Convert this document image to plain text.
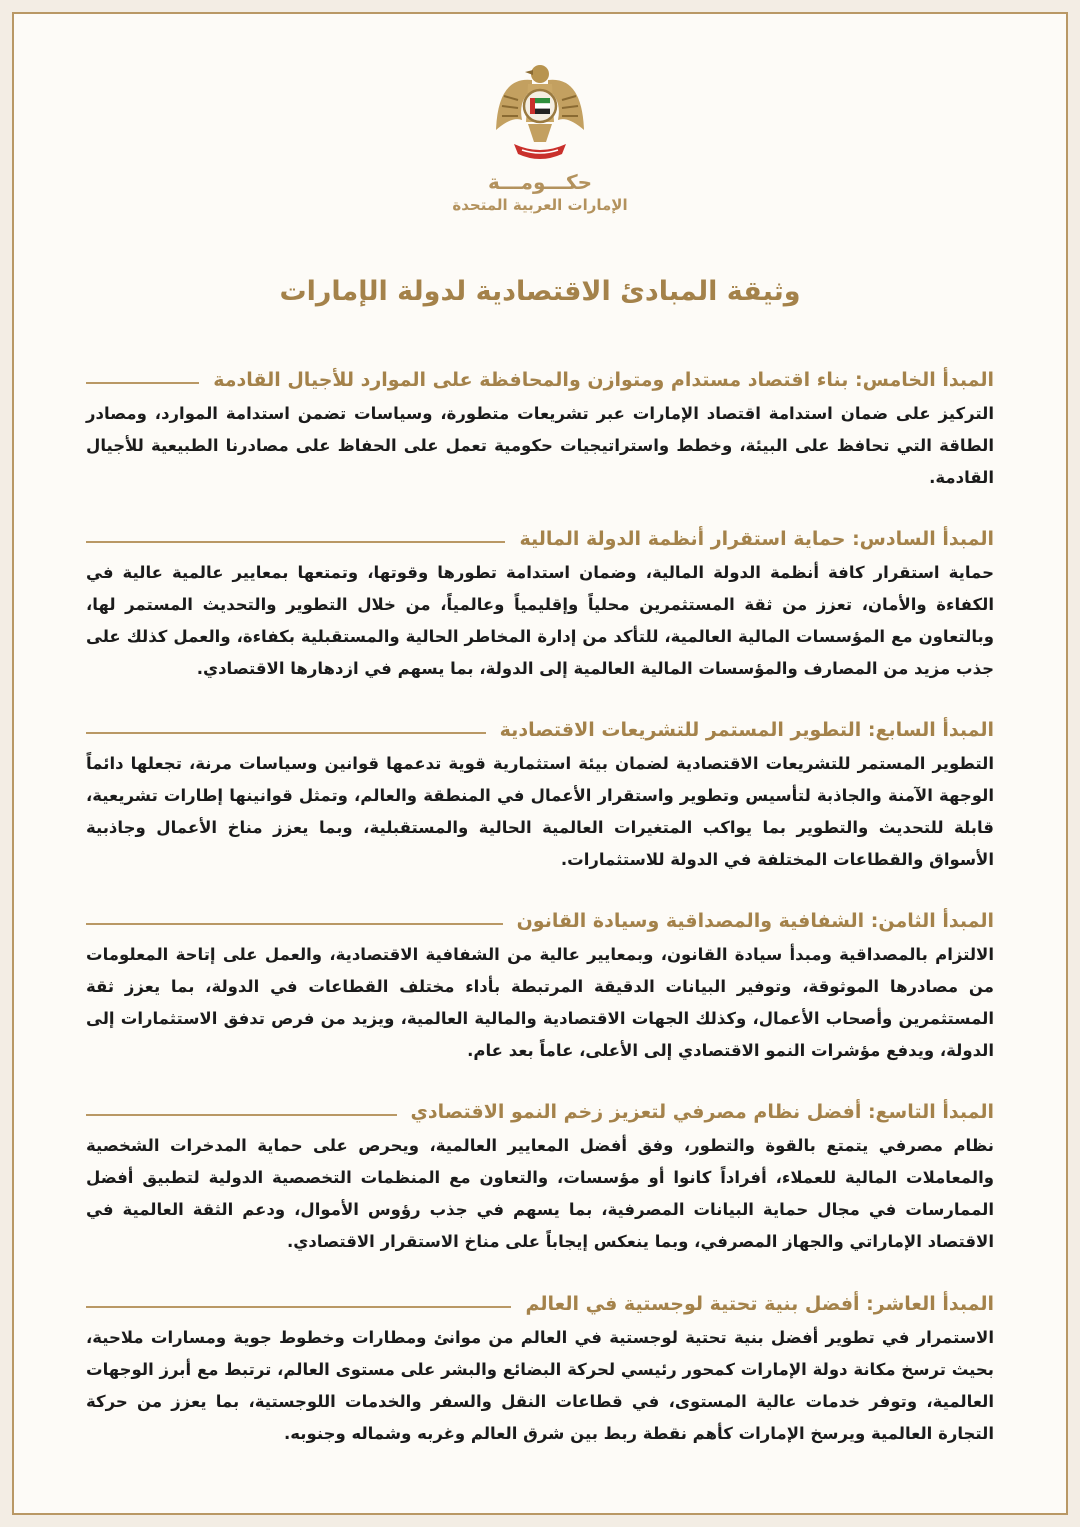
حكـــومـــة
الإمارات العربية المتحدة
وثيقة المبادئ الاقتصادية لدولة الإمارات
المبدأ الخامس: بناء اقتصاد مستدام ومتوازن والمحافظة على الموارد للأجيال القادمة

التركيز على ضمان استدامة اقتصاد الإمارات عبر تشريعات متطورة، وسياسات تضمن استدامة الموارد، ومصادر الطاقة التي تحافظ على البيئة، وخطط واستراتيجيات حكومية تعمل على الحفاظ على مصادرنا الطبيعية للأجيال القادمة.

المبدأ السادس: حماية استقرار أنظمة الدولة المالية

حماية استقرار كافة أنظمة الدولة المالية، وضمان استدامة تطورها وقوتها، وتمتعها بمعايير عالمية عالية في الكفاءة والأمان، تعزز من ثقة المستثمرين محلياً وإقليمياً وعالمياً، من خلال التطوير والتحديث المستمر لها، وبالتعاون مع المؤسسات المالية العالمية، للتأكد من إدارة المخاطر الحالية والمستقبلية بكفاءة، والعمل كذلك على جذب مزيد من المصارف والمؤسسات المالية العالمية إلى الدولة، بما يسهم في ازدهارها الاقتصادي.

المبدأ السابع: التطوير المستمر للتشريعات الاقتصادية

التطوير المستمر للتشريعات الاقتصادية لضمان بيئة استثمارية قوية تدعمها قوانين وسياسات مرنة، تجعلها دائماً الوجهة الآمنة والجاذبة لتأسيس وتطوير واستقرار الأعمال في المنطقة والعالم، وتمثل قوانينها إطارات تشريعية، قابلة للتحديث والتطوير بما يواكب المتغيرات العالمية الحالية والمستقبلية، وبما يعزز مناخ الأعمال وجاذبية الأسواق والقطاعات المختلفة في الدولة للاستثمارات.

المبدأ الثامن: الشفافية والمصداقية وسيادة القانون

الالتزام بالمصداقية ومبدأ سيادة القانون، وبمعايير عالية من الشفافية الاقتصادية، والعمل على إتاحة المعلومات من مصادرها الموثوقة، وتوفير البيانات الدقيقة المرتبطة بأداء مختلف القطاعات في الدولة، بما يعزز ثقة المستثمرين وأصحاب الأعمال، وكذلك الجهات الاقتصادية والمالية العالمية، ويزيد من فرص تدفق الاستثمارات إلى الدولة، ويدفع مؤشرات النمو الاقتصادي إلى الأعلى، عاماً بعد عام.

المبدأ التاسع: أفضل نظام مصرفي لتعزيز زخم النمو الاقتصادي

نظام مصرفي يتمتع بالقوة والتطور، وفق أفضل المعايير العالمية، ويحرص على حماية المدخرات الشخصية والمعاملات المالية للعملاء، أفراداً كانوا أو مؤسسات، والتعاون مع المنظمات التخصصية الدولية لتطبيق أفضل الممارسات في مجال حماية البيانات المصرفية، بما يسهم في جذب رؤوس الأموال، ودعم الثقة العالمية في الاقتصاد الإماراتي والجهاز المصرفي، وبما ينعكس إيجاباً على مناخ الاستقرار الاقتصادي.

المبدأ العاشر: أفضل بنية تحتية لوجستية في العالم

الاستمرار في تطوير أفضل بنية تحتية لوجستية في العالم من موانئ ومطارات وخطوط جوية ومسارات ملاحية، بحيث ترسخ مكانة دولة الإمارات كمحور رئيسي لحركة البضائع والبشر على مستوى العالم، ترتبط مع أبرز الوجهات العالمية، وتوفر خدمات عالية المستوى، في قطاعات النقل والسفر والخدمات اللوجستية، بما يعزز من حركة التجارة العالمية ويرسخ الإمارات كأهم نقطة ربط بين شرق العالم وغربه وشماله وجنوبه.
